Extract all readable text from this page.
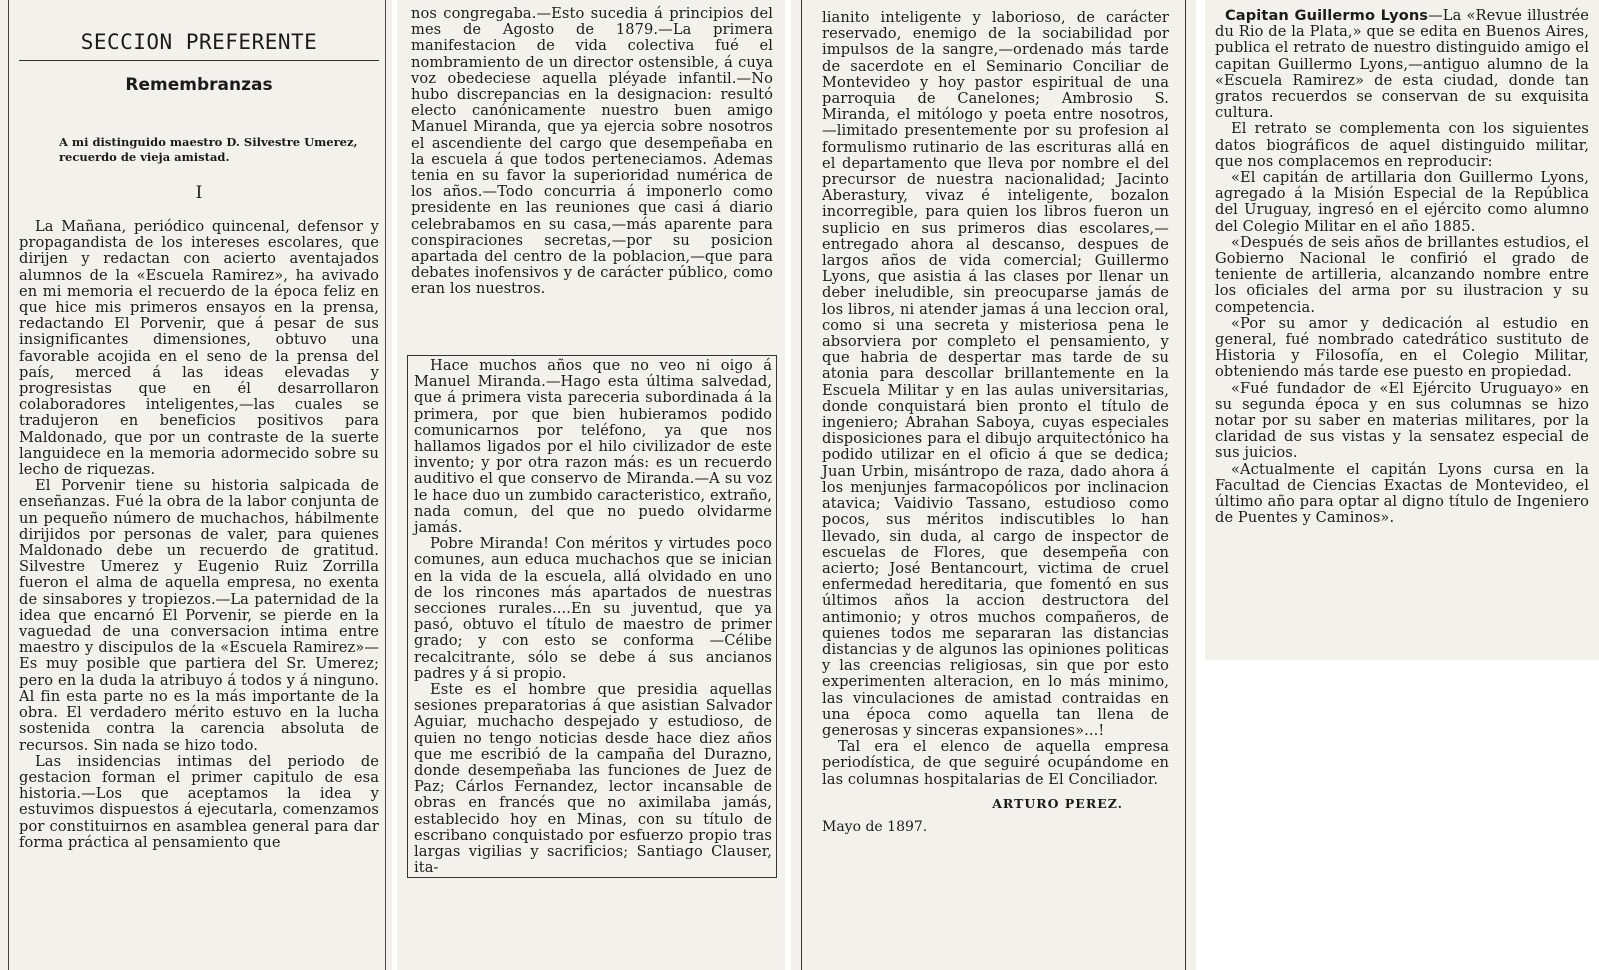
SECCION PREFERENTE

Remembranzas

A mi distinguido maestro D. Silvestre Umerez, recuerdo de vieja amistad.

I

La Mañana, periódico quincenal, defensor y propagandista de los intereses escolares, que dirijen y redactan con acierto aventajados alumnos de la «Escuela Ramirez», ha avivado en mi memoria el recuerdo de la época feliz en que hice mis primeros ensayos en la prensa, redactando El Porvenir, que á pesar de sus insignificantes dimensiones, obtuvo una favorable acojida en el seno de la prensa del país, merced á las ideas elevadas y progresistas que en él desarrollaron colaboradores inteligentes,—las cuales se tradujeron en beneficios positivos para Maldonado, que por un contraste de la suerte languidece en la memoria adormecido sobre su lecho de riquezas.

El Porvenir tiene su historia salpicada de enseñanzas. Fué la obra de la labor conjunta de un pequeño número de muchachos, hábilmente dirijidos por personas de valer, para quienes Maldonado debe un recuerdo de gratitud. Silvestre Umerez y Eugenio Ruiz Zorrilla fueron el alma de aquella empresa, no exenta de sinsabores y tropiezos.—La paternidad de la idea que encarnó El Porvenir, se pierde en la vaguedad de una conversacion intima entre maestro y discipulos de la «Escuela Ramirez»—Es muy posible que partiera del Sr. Umerez; pero en la duda la atribuyo á todos y á ninguno. Al fin esta parte no es la más importante de la obra. El verdadero mérito estuvo en la lucha sostenida contra la carencia absoluta de recursos. Sin nada se hizo todo.

Las insidencias intimas del periodo de gestacion forman el primer capitulo de esa historia.—Los que aceptamos la idea y estuvimos dispuestos á ejecutarla, comenzamos por constituirnos en asamblea general para dar forma práctica al pensamiento que

nos congregaba.—Esto sucedia á principios del mes de Agosto de 1879.—La primera manifestacion de vida colectiva fué el nombramiento de un director ostensible, á cuya voz obedeciese aquella pléyade infantil.—No hubo discrepancias en la designacion: resultó electo canónicamente nuestro buen amigo Manuel Miranda, que ya ejercia sobre nosotros el ascendiente del cargo que desempeñaba en la escuela á que todos perteneciamos. Ademas tenia en su favor la superioridad numérica de los años.—Todo concurria á imponerlo como presidente en las reuniones que casi á diario celebrabamos en su casa,—más aparente para conspiraciones secretas,—por su posicion apartada del centro de la poblacion,—que para debates inofensivos y de carácter público, como eran los nuestros.

Hace muchos años que no veo ni oigo á Manuel Miranda.—Hago esta última salvedad, que á primera vista pareceria subordinada á la primera, por que bien hubieramos podido comunicarnos por teléfono, ya que nos hallamos ligados por el hilo civilizador de este invento; y por otra razon más: es un recuerdo auditivo el que conservo de Miranda.—A su voz le hace duo un zumbido caracteristico, extraño, nada comun, del que no puedo olvidarme jamás.

Pobre Miranda! Con méritos y virtudes poco comunes, aun educa muchachos que se inician en la vida de la escuela, allá olvidado en uno de los rincones más apartados de nuestras secciones rurales....En su juventud, que ya pasó, obtuvo el título de maestro de primer grado; y con esto se conforma —Célibe recalcitrante, sólo se debe á sus ancianos padres y á si propio.

Este es el hombre que presidia aquellas sesiones preparatorias á que asistian Salvador Aguiar, muchacho despejado y estudioso, de quien no tengo noticias desde hace diez años que me escribió de la campaña del Durazno, donde desempeñaba las funciones de Juez de Paz; Cárlos Fernandez, lector incansable de obras en francés que no aximilaba jamás, establecido hoy en Minas, con su título de escribano conquistado por esfuerzo propio tras largas vigilias y sacrificios; Santiago Clauser, ita-

lianito inteligente y laborioso, de carácter reservado, enemigo de la sociabilidad por impulsos de la sangre,—ordenado más tarde de sacerdote en el Seminario Conciliar de Montevideo y hoy pastor espiritual de una parroquia de Canelones; Ambrosio S. Miranda, el mitólogo y poeta entre nosotros,—limitado presentemente por su profesion al formulismo rutinario de las escrituras allá en el departamento que lleva por nombre el del precursor de nuestra nacionalidad; Jacinto Aberastury, vivaz é inteligente, bozalon incorregible, para quien los libros fueron un suplicio en sus primeros dias escolares,—entregado ahora al descanso, despues de largos años de vida comercial; Guillermo Lyons, que asistia á las clases por llenar un deber ineludible, sin preocuparse jamás de los libros, ni atender jamas á una leccion oral, como si una secreta y misteriosa pena le absorviera por completo el pensamiento, y que habria de despertar mas tarde de su atonia para descollar brillantemente en la Escuela Militar y en las aulas universitarias, donde conquistará bien pronto el título de ingeniero; Abrahan Saboya, cuyas especiales disposiciones para el dibujo arquitectónico ha podido utilizar en el oficio á que se dedica; Juan Urbin, misántropo de raza, dado ahora á los menjunjes farmacopólicos por inclinacion atavica; Vaidivio Tassano, estudioso como pocos, sus méritos indiscutibles lo han llevado, sin duda, al cargo de inspector de escuelas de Flores, que desempeña con acierto; José Bentancourt, victima de cruel enfermedad hereditaria, que fomentó en sus últimos años la accion destructora del antimonio; y otros muchos compañeros, de quienes todos me separaran las distancias distancias y de algunos las opiniones politicas y las creencias religiosas, sin que por esto experimenten alteracion, en lo más minimo, las vinculaciones de amistad contraidas en una época como aquella tan llena de generosas y sinceras expansiones»...!

Tal era el elenco de aquella empresa periodística, de que seguiré ocupándome en las columnas hospitalarias de El Conciliador.

ARTURO PEREZ.

Mayo de 1897.

Capitan Guillermo Lyons—La «Revue illustrée du Rio de la Plata,» que se edita en Buenos Aires, publica el retrato de nuestro distinguido amigo el capitan Guillermo Lyons,—antiguo alumno de la «Escuela Ramirez» de esta ciudad, donde tan gratos recuerdos se conservan de su exquisita cultura.

El retrato se complementa con los siguientes datos biográficos de aquel distinguido militar, que nos complacemos en reproducir:

«El capitán de artillaria don Guillermo Lyons, agregado á la Misión Especial de la República del Uruguay, ingresó en el ejército como alumno del Colegio Militar en el año 1885.

«Después de seis años de brillantes estudios, el Gobierno Nacional le confirió el grado de teniente de artilleria, alcanzando nombre entre los oficiales del arma por su ilustracion y su competencia.

«Por su amor y dedicación al estudio en general, fué nombrado catedrático sustituto de Historia y Filosofía, en el Colegio Militar, obteniendo más tarde ese puesto en propiedad.

«Fué fundador de «El Ejército Uruguayo» en su segunda época y en sus columnas se hizo notar por su saber en materias militares, por la claridad de sus vistas y la sensatez especial de sus juicios.

«Actualmente el capitán Lyons cursa en la Facultad de Ciencias Exactas de Montevideo, el último año para optar al digno título de Ingeniero de Puentes y Caminos».
